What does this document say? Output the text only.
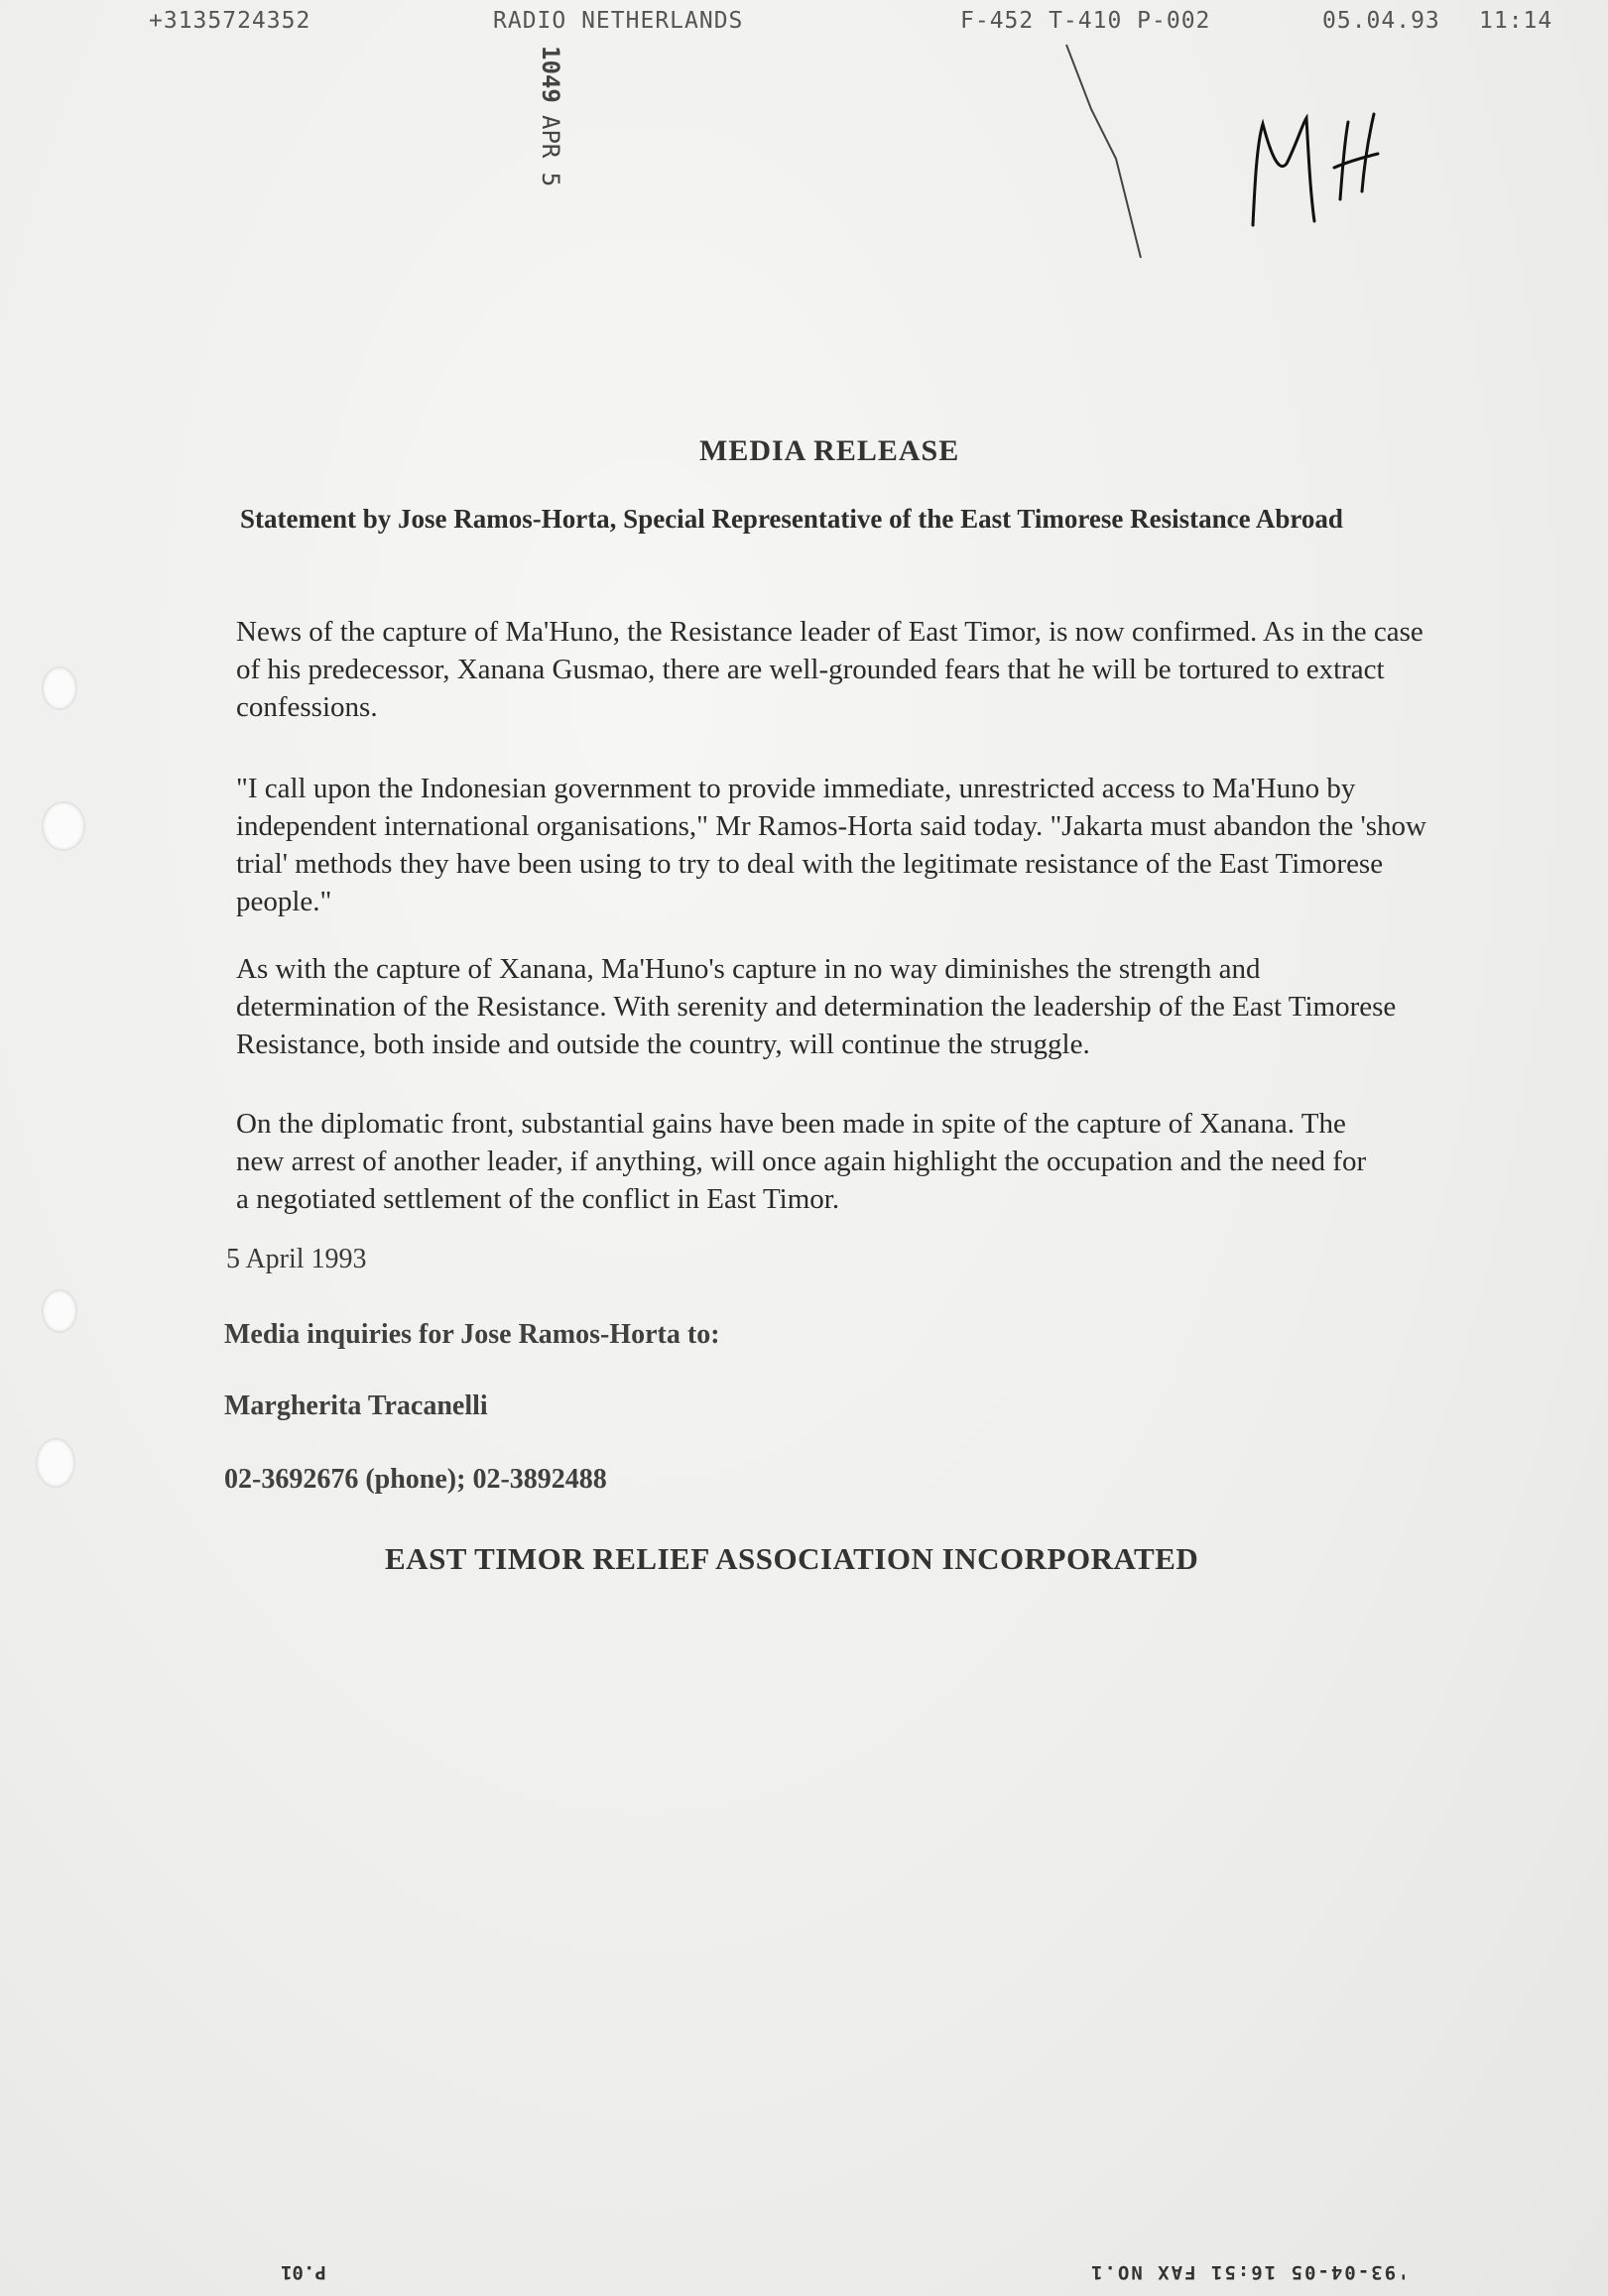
+3135724352	RADIO NETHERLANDS	F-452 T-410 P-002	05.04.93 11:14
1049
APR 5
MEDIA RELEASE
Statement by Jose Ramos-Horta, Special Representative of the East Timorese Resistance Abroad
News of the capture of Ma'Huno, the Resistance leader of East Timor, is now confirmed. As in the case of his predecessor, Xanana Gusmao, there are well-grounded fears that he will be tortured to extract confessions.
"I call upon the Indonesian government to provide immediate, unrestricted access to Ma'Huno by independent international organisations," Mr Ramos-Horta said today. "Jakarta must abandon the 'show trial' methods they have been using to try to deal with the legitimate resistance of the East Timorese people."
As with the capture of Xanana, Ma'Huno's capture in no way diminishes the strength and determination of the Resistance. With serenity and determination the leadership of the East Timorese Resistance, both inside and outside the country, will continue the struggle.
On the diplomatic front, substantial gains have been made in spite of the capture of Xanana. The new arrest of another leader, if anything, will once again highlight the occupation and the need for a negotiated settlement of the conflict in East Timor.
5 April 1993
Media inquiries for Jose Ramos-Horta to:
Margherita Tracanelli
02-3692676 (phone); 02-3892488
EAST TIMOR RELIEF ASSOCIATION INCORPORATED
P.01	'93-04-05 16:51 FAX NO.1
